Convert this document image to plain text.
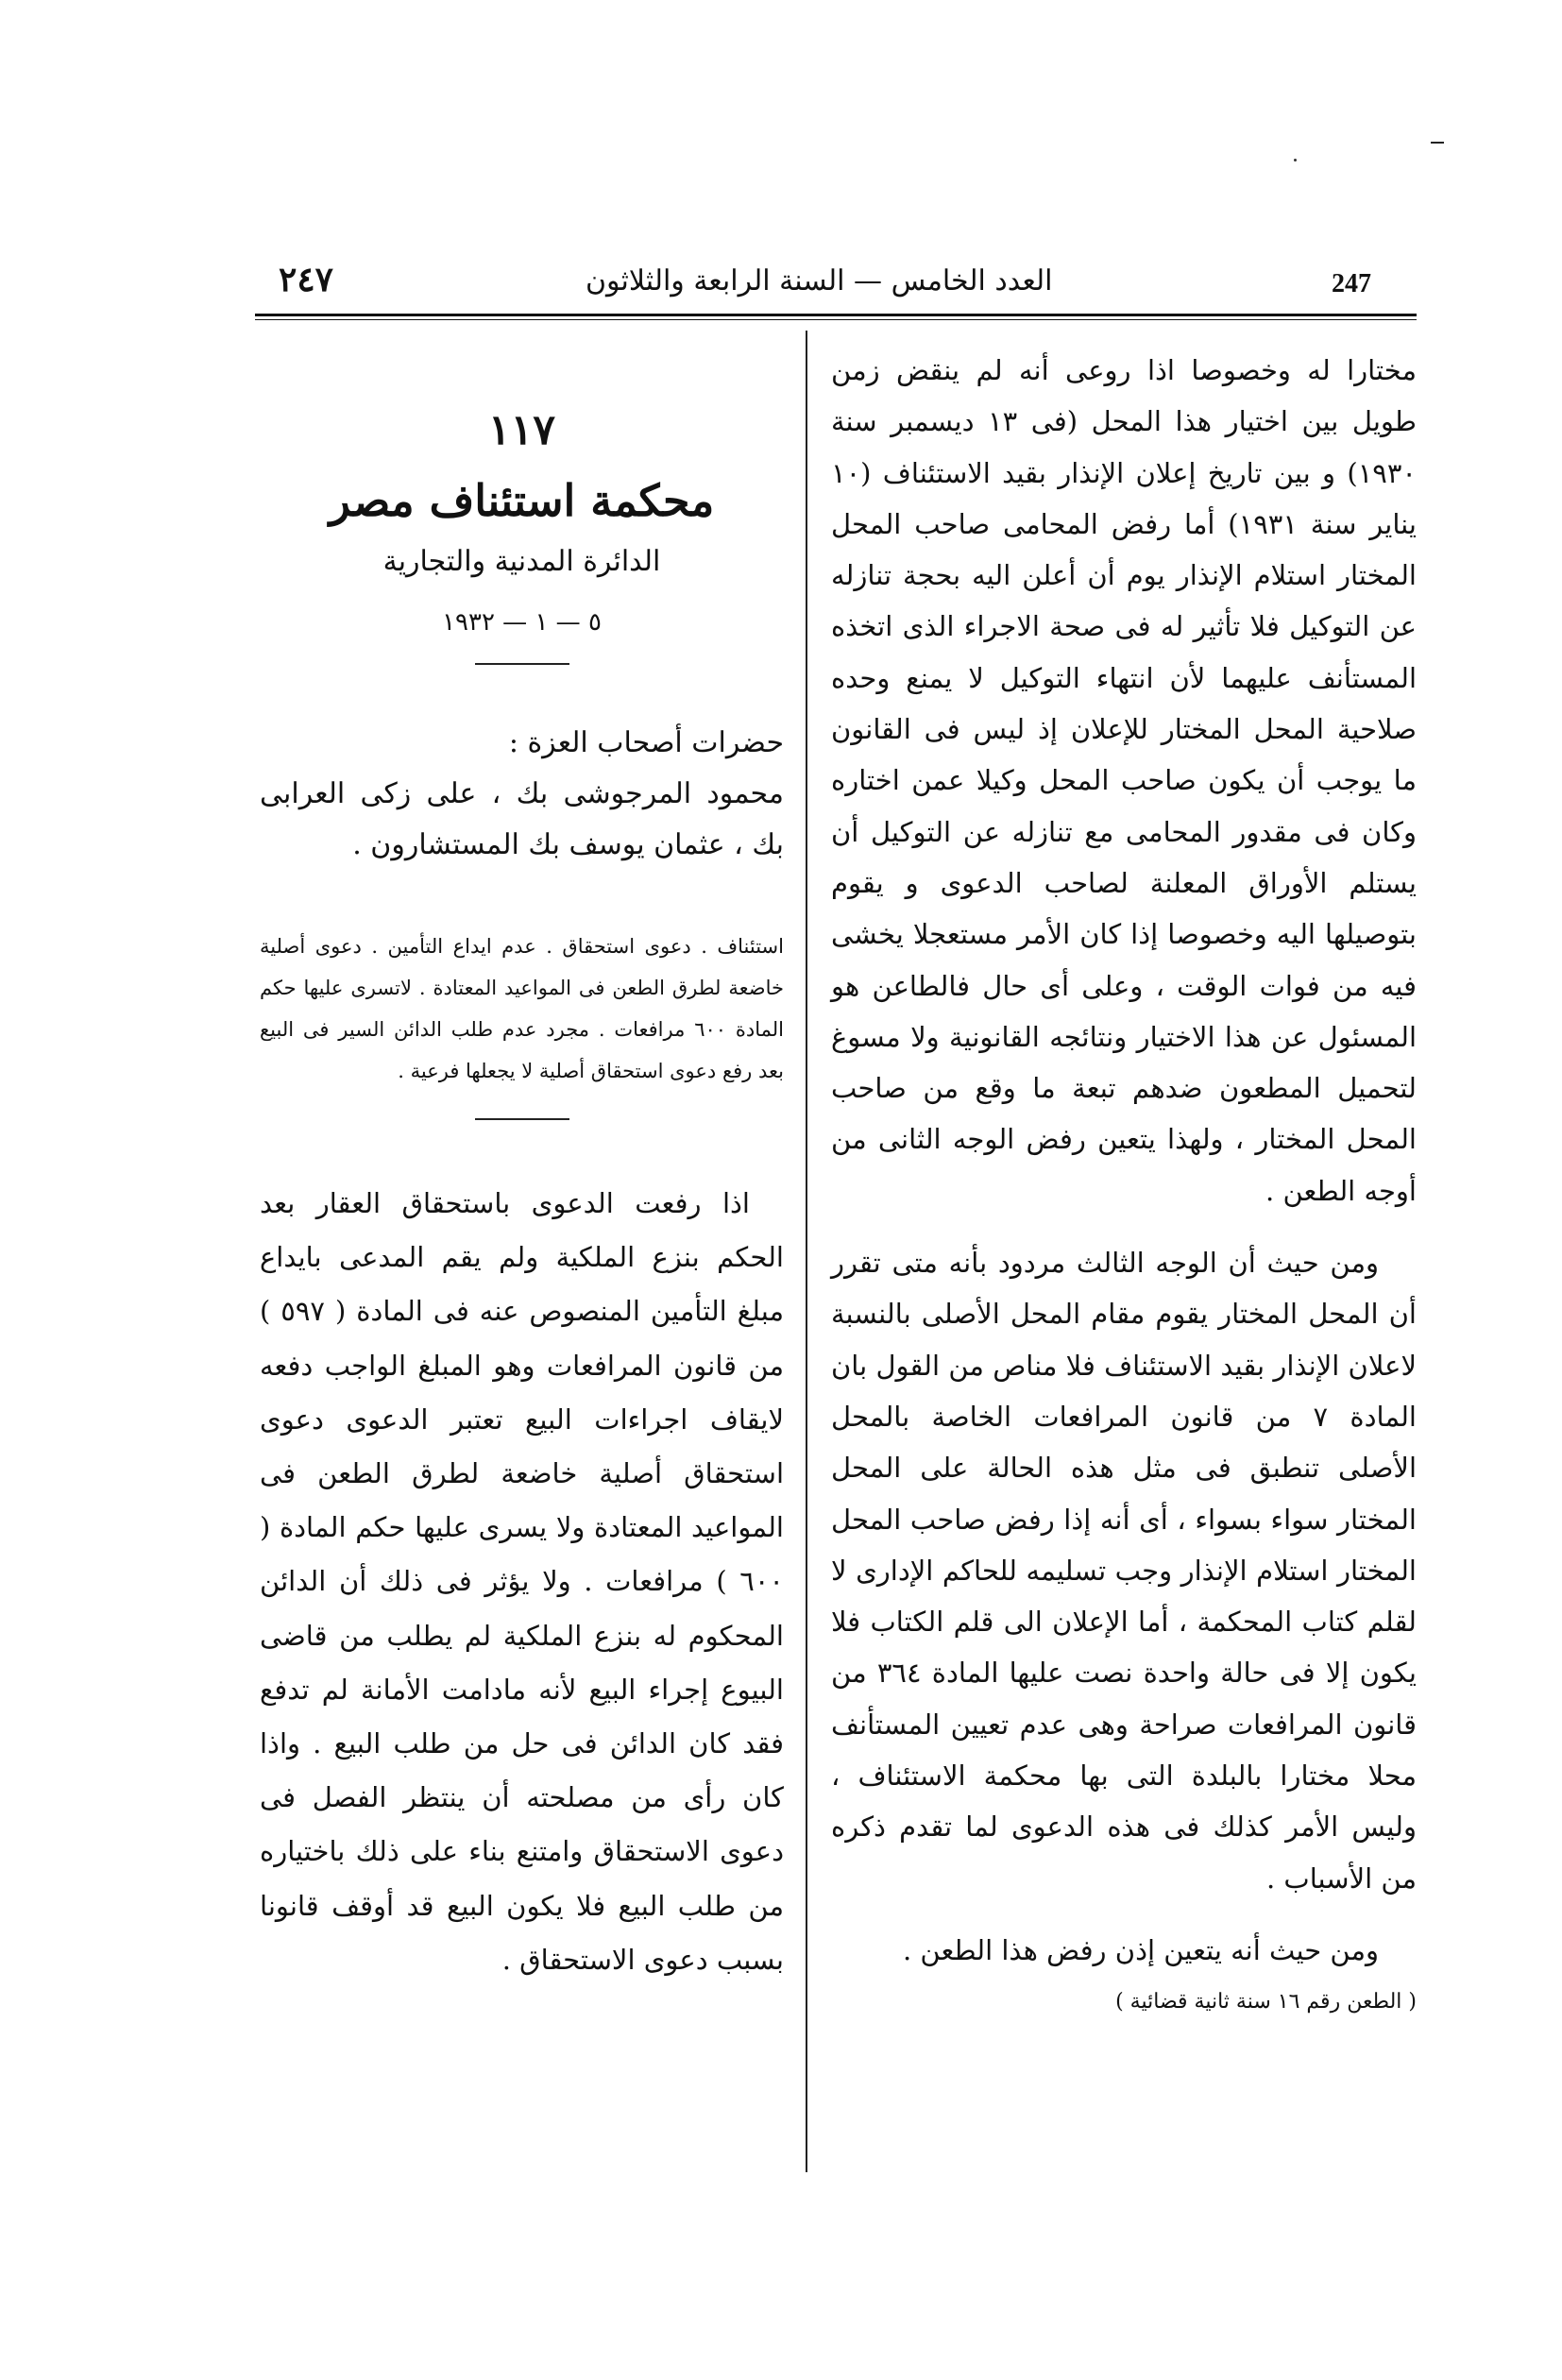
٢٤٧	العدد الخامس — السنة الرابعة والثلاثون	247

مختارا له وخصوصا اذا روعى أنه لم ينقض زمن طويل بين اختيار هذا المحل (فى ١٣ ديسمبر سنة ١٩٣٠) و بين تاريخ إعلان الإنذار بقيد الاستئناف (١٠ يناير سنة ١٩٣١) أما رفض المحامى صاحب المحل المختار استلام الإنذار يوم أن أعلن اليه بحجة تنازله عن التوكيل فلا تأثير له فى صحة الاجراء الذى اتخذه المستأنف عليهما لأن انتهاء التوكيل لا يمنع وحده صلاحية المحل المختار للإعلان إذ ليس فى القانون ما يوجب أن يكون صاحب المحل وكيلا عمن اختاره وكان فى مقدور المحامى مع تنازله عن التوكيل أن يستلم الأوراق المعلنة لصاحب الدعوى و يقوم بتوصيلها اليه وخصوصا إذا كان الأمر مستعجلا يخشى فيه من فوات الوقت ، وعلى أى حال فالطاعن هو المسئول عن هذا الاختيار ونتائجه القانونية ولا مسوغ لتحميل المطعون ضدهم تبعة ما وقع من صاحب المحل المختار ، ولهذا يتعين رفض الوجه الثانى من أوجه الطعن .

ومن حيث أن الوجه الثالث مردود بأنه متى تقرر أن المحل المختار يقوم مقام المحل الأصلى بالنسبة لاعلان الإنذار بقيد الاستئناف فلا مناص من القول بان المادة ٧ من قانون المرافعات الخاصة بالمحل الأصلى تنطبق فى مثل هذه الحالة على المحل المختار سواء بسواء ، أى أنه إذا رفض صاحب المحل المختار استلام الإنذار وجب تسليمه للحاكم الإدارى لا لقلم كتاب المحكمة ، أما الإعلان الى قلم الكتاب فلا يكون إلا فى حالة واحدة نصت عليها المادة ٣٦٤ من قانون المرافعات صراحة وهى عدم تعيين المستأنف محلا مختارا بالبلدة التى بها محكمة الاستئناف ، وليس الأمر كذلك فى هذه الدعوى لما تقدم ذكره من الأسباب .

ومن حيث أنه يتعين إذن رفض هذا الطعن .

( الطعن رقم ١٦ سنة ثانية قضائية )

١١٧
محكمة استئناف مصر
الدائرة المدنية والتجارية
٥ — ١ — ١٩٣٢

حضرات أصحاب العزة :

محمود المرجوشى بك ، على زكى العرابى بك ، عثمان يوسف بك المستشارون .

استئناف . دعوى استحقاق . عدم ايداع التأمين . دعوى أصلية خاضعة لطرق الطعن فى المواعيد المعتادة . لاتسرى عليها حكم المادة ٦٠٠ مرافعات . مجرد عدم طلب الدائن السير فى البيع بعد رفع دعوى استحقاق أصلية لا يجعلها فرعية .

اذا رفعت الدعوى باستحقاق العقار بعد الحكم بنزع الملكية ولم يقم المدعى بايداع مبلغ التأمين المنصوص عنه فى المادة ( ٥٩٧ ) من قانون المرافعات وهو المبلغ الواجب دفعه لايقاف اجراءات البيع تعتبر الدعوى دعوى استحقاق أصلية خاضعة لطرق الطعن فى المواعيد المعتادة ولا يسرى عليها حكم المادة ( ٦٠٠ ) مرافعات . ولا يؤثر فى ذلك أن الدائن المحكوم له بنزع الملكية لم يطلب من قاضى البيوع إجراء البيع لأنه مادامت الأمانة لم تدفع فقد كان الدائن فى حل من طلب البيع . واذا كان رأى من مصلحته أن ينتظر الفصل فى دعوى الاستحقاق وامتنع بناء على ذلك باختياره من طلب البيع فلا يكون البيع قد أوقف قانونا بسبب دعوى الاستحقاق .
